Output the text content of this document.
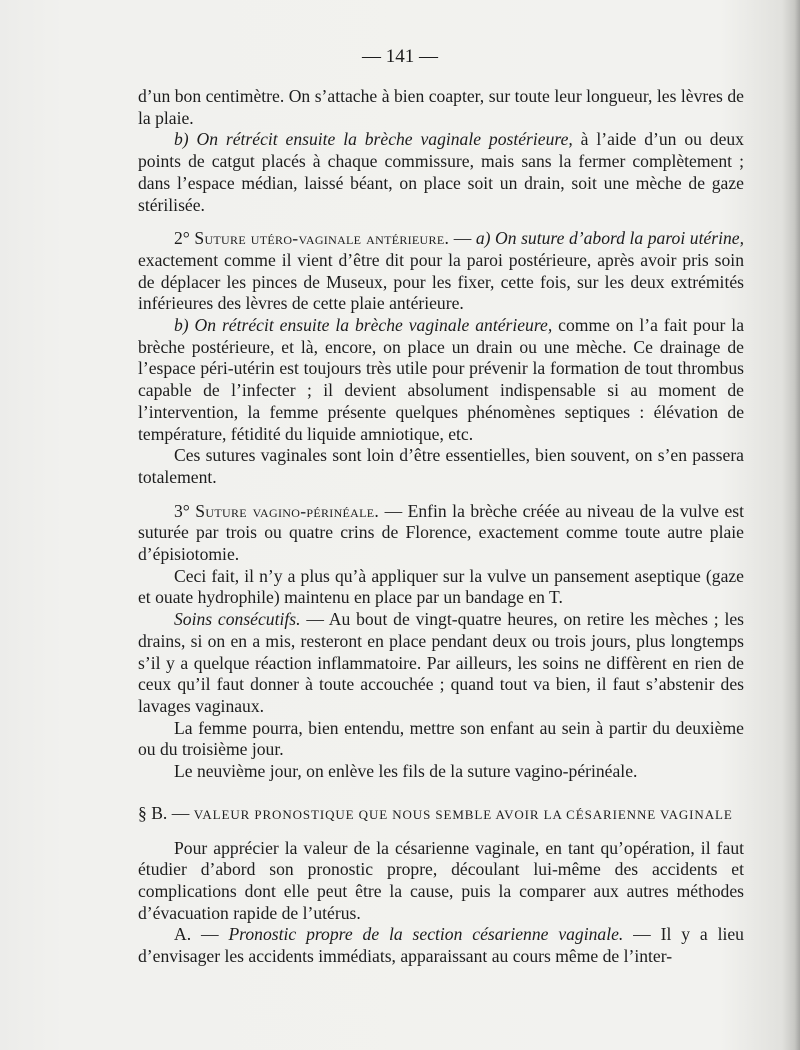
— 141 —

d’un bon centimètre. On s’attache à bien coapter, sur toute leur longueur, les lèvres de la plaie.

b) On rétrécit ensuite la brèche vaginale postérieure, à l’aide d’un ou deux points de catgut placés à chaque commissure, mais sans la fermer complètement ; dans l’espace médian, laissé béant, on place soit un drain, soit une mèche de gaze stérilisée.

2° Suture utéro-vaginale antérieure. — a) On suture d’abord la paroi utérine, exactement comme il vient d’être dit pour la paroi postérieure, après avoir pris soin de déplacer les pinces de Museux, pour les fixer, cette fois, sur les deux extrémités inférieures des lèvres de cette plaie antérieure.

b) On rétrécit ensuite la brèche vaginale antérieure, comme on l’a fait pour la brèche postérieure, et là, encore, on place un drain ou une mèche. Ce drainage de l’espace péri-utérin est toujours très utile pour prévenir la formation de tout thrombus capable de l’infecter ; il devient absolument indispensable si au moment de l’intervention, la femme présente quelques phénomènes septiques : élévation de température, fétidité du liquide amniotique, etc.

Ces sutures vaginales sont loin d’être essentielles, bien souvent, on s’en passera totalement.

3° Suture vagino-périnéale. — Enfin la brèche créée au niveau de la vulve est suturée par trois ou quatre crins de Florence, exactement comme toute autre plaie d’épisiotomie.

Ceci fait, il n’y a plus qu’à appliquer sur la vulve un pansement aseptique (gaze et ouate hydrophile) maintenu en place par un bandage en T.

Soins consécutifs. — Au bout de vingt-quatre heures, on retire les mèches ; les drains, si on en a mis, resteront en place pendant deux ou trois jours, plus longtemps s’il y a quelque réaction inflammatoire. Par ailleurs, les soins ne diffèrent en rien de ceux qu’il faut donner à toute accouchée ; quand tout va bien, il faut s’abstenir des lavages vaginaux.

La femme pourra, bien entendu, mettre son enfant au sein à partir du deuxième ou du troisième jour.

Le neuvième jour, on enlève les fils de la suture vagino-périnéale.

§ B. — VALEUR PRONOSTIQUE QUE NOUS SEMBLE AVOIR LA CÉSARIENNE VAGINALE

Pour apprécier la valeur de la césarienne vaginale, en tant qu’opération, il faut étudier d’abord son pronostic propre, découlant lui-même des accidents et complications dont elle peut être la cause, puis la comparer aux autres méthodes d’évacuation rapide de l’utérus.

A. — Pronostic propre de la section césarienne vaginale. — Il y a lieu d’envisager les accidents immédiats, apparaissant au cours même de l’inter-
